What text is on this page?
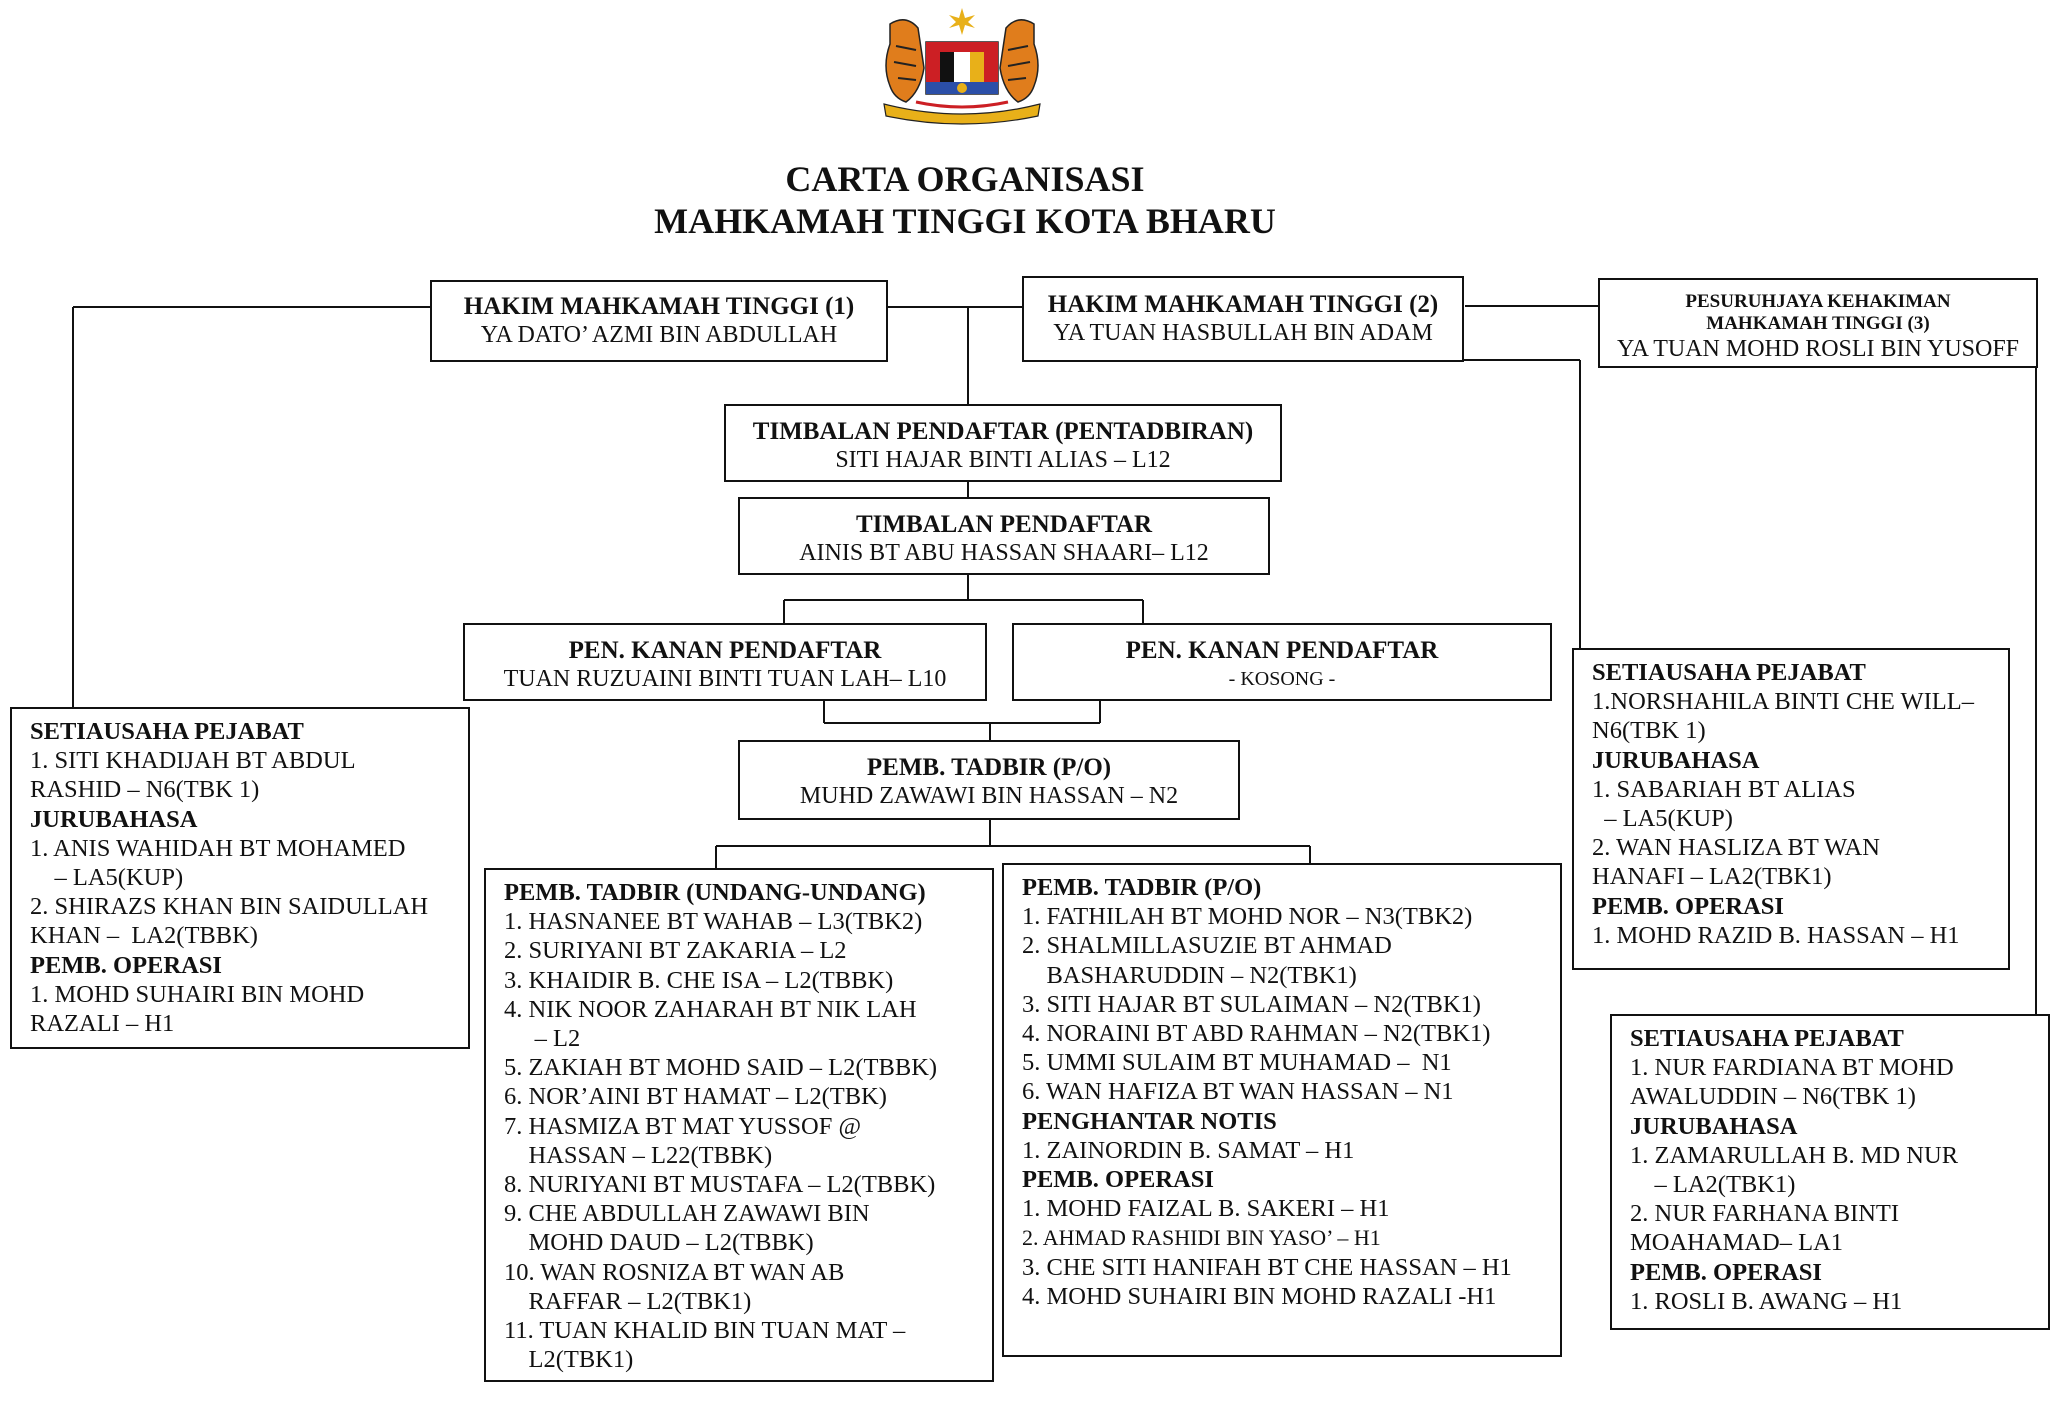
CARTA ORGANISASI
MAHKAMAH TINGGI KOTA BHARU
HAKIM MAHKAMAH TINGGI (1)
YA DATO’ AZMI BIN ABDULLAH
HAKIM MAHKAMAH TINGGI (2)
YA TUAN HASBULLAH BIN ADAM
PESURUHJAYA KEHAKIMAN
MAHKAMAH TINGGI (3)
YA TUAN MOHD ROSLI BIN YUSOFF
TIMBALAN PENDAFTAR (PENTADBIRAN)
SITI HAJAR BINTI ALIAS – L12
TIMBALAN PENDAFTAR
AINIS BT ABU HASSAN SHAARI– L12
PEN. KANAN PENDAFTAR
TUAN RUZUAINI BINTI TUAN LAH– L10
PEN. KANAN PENDAFTAR
- KOSONG -
PEMB. TADBIR (P/O)
MUHD ZAWAWI BIN HASSAN – N2
SETIAUSAHA PEJABAT
1. SITI KHADIJAH BT ABDUL
RASHID – N6(TBK 1)
JURUBAHASA
1. ANIS WAHIDAH BT MOHAMED
– LA5(KUP)
2. SHIRAZS KHAN BIN SAIDULLAH
KHAN –  LA2(TBBK)
PEMB. OPERASI
1. MOHD SUHAIRI BIN MOHD
RAZALI – H1
PEMB. TADBIR (UNDANG-UNDANG)
1. HASNANEE BT WAHAB – L3(TBK2)
2. SURIYANI BT ZAKARIA – L2
3. KHAIDIR B. CHE ISA – L2(TBBK)
4. NIK NOOR ZAHARAH BT NIK LAH
– L2
5. ZAKIAH BT MOHD SAID – L2(TBBK)
6. NOR’AINI BT HAMAT – L2(TBK)
7. HASMIZA BT MAT YUSSOF @
HASSAN – L22(TBBK)
8. NURIYANI BT MUSTAFA – L2(TBBK)
9. CHE ABDULLAH ZAWAWI BIN
MOHD DAUD – L2(TBBK)
10. WAN ROSNIZA BT WAN AB
RAFFAR – L2(TBK1)
11. TUAN KHALID BIN TUAN MAT –
L2(TBK1)
PEMB. TADBIR (P/O)
1. FATHILAH BT MOHD NOR – N3(TBK2)
2. SHALMILLASUZIE BT AHMAD
BASHARUDDIN – N2(TBK1)
3. SITI HAJAR BT SULAIMAN – N2(TBK1)
4. NORAINI BT ABD RAHMAN – N2(TBK1)
5. UMMI SULAIM BT MUHAMAD –  N1
6. WAN HAFIZA BT WAN HASSAN – N1
PENGHANTAR NOTIS
1. ZAINORDIN B. SAMAT – H1
PEMB. OPERASI
1. MOHD FAIZAL B. SAKERI – H1
2. AHMAD RASHIDI BIN YASO’ – H1
3. CHE SITI HANIFAH BT CHE HASSAN – H1
4. MOHD SUHAIRI BIN MOHD RAZALI -H1
SETIAUSAHA PEJABAT
1.NORSHAHILA BINTI CHE WILL–
N6(TBK 1)
JURUBAHASA
1. SABARIAH BT ALIAS
– LA5(KUP)
2. WAN HASLIZA BT WAN
HANAFI – LA2(TBK1)
PEMB. OPERASI
1. MOHD RAZID B. HASSAN – H1
SETIAUSAHA PEJABAT
1. NUR FARDIANA BT MOHD
AWALUDDIN – N6(TBK 1)
JURUBAHASA
1. ZAMARULLAH B. MD NUR
– LA2(TBK1)
2. NUR FARHANA BINTI
MOAHAMAD– LA1
PEMB. OPERASI
1. ROSLI B. AWANG – H1
